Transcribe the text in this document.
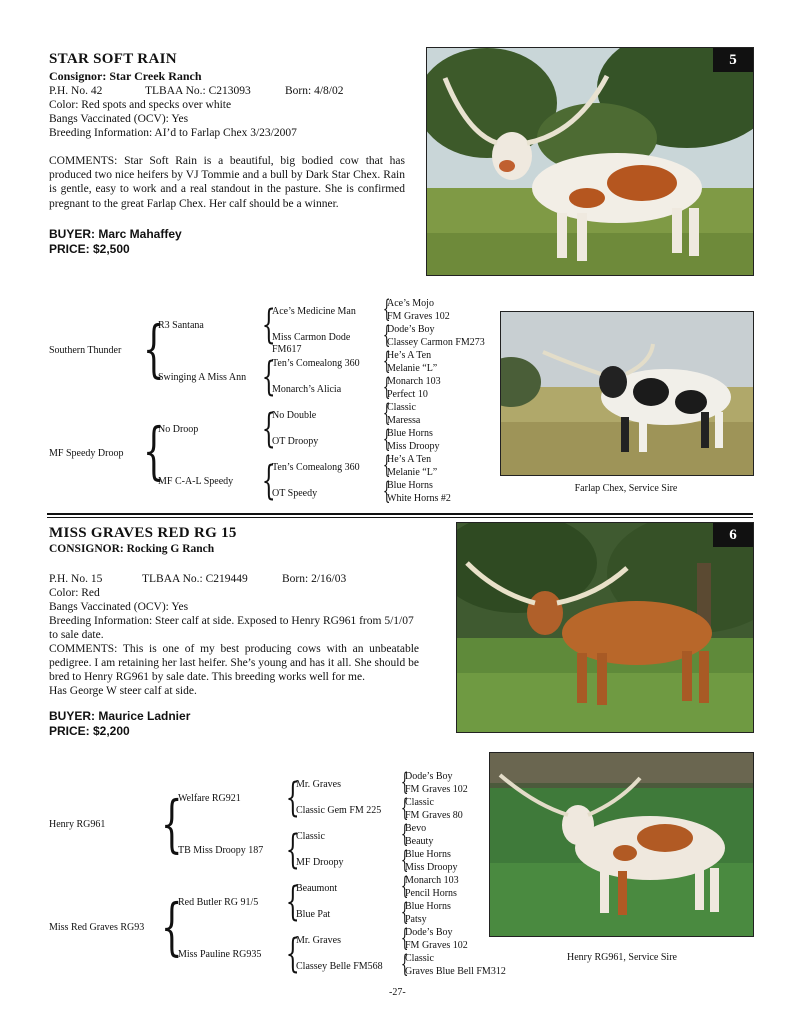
STAR SOFT RAIN
Consignor: Star Creek Ranch
P.H. No. 42	TLBAA No.: C213093	Born: 4/8/02
Color: Red spots and specks over white
Bangs Vaccinated (OCV): Yes
Breeding Information: AI’d to Farlap Chex 3/23/2007
COMMENTS: Star Soft Rain is a beautiful, big bodied cow that has produced two nice heifers by VJ Tommie and a bull by Dark Star Chex. Rain is gentle, easy to work and a real standout in the pasture. She is confirmed pregnant to the great Farlap Chex. Her calf should be a winner.
BUYER: Marc Mahaffey
PRICE: $2,500
5
Southern Thunder
MF Speedy Droop
{
{
R3 Santana
Swinging A Miss Ann
No Droop
MF C-A-L Speedy
{
{
{
{
Ace’s Medicine Man
Miss Carmon Dode
FM617
Ten’s Comealong 360
Monarch’s Alicia
No Double
OT Droopy
Ten’s Comealong 360
OT Speedy
{
Ace’s Mojo
FM Graves 102
{
Dode’s Boy
Classey Carmon FM273
{
He’s A Ten
Melanie “L”
{
Monarch 103
Perfect 10
{
Classic
Maressa
{
Blue Horns
Miss Droopy
{
He’s A Ten
Melanie “L”
{
Blue Horns
White Horns #2
Farlap Chex, Service Sire
MISS GRAVES RED RG 15
CONSIGNOR: Rocking G Ranch
P.H. No. 15	TLBAA No.: C219449	Born: 2/16/03
Color: Red
Bangs Vaccinated (OCV): Yes
Breeding Information: Steer calf at side. Exposed to Henry RG961 from 5/1/07
to sale date.
COMMENTS: This is one of my best producing cows with an unbeatable pedigree. I am retaining her last heifer. She’s young and has it all. She should be bred to Henry RG961 by sale date. This breeding works well for me.
Has George W steer calf at side.
BUYER: Maurice Ladnier
PRICE: $2,200
6
Henry RG961
Miss Red Graves RG93
{
{
Welfare RG921
TB Miss Droopy 187
Red Butler RG 91/5
Miss Pauline RG935
{
{
{
{
Mr. Graves
Classic Gem FM 225
Classic
MF Droopy
Beaumont
Blue Pat
Mr. Graves
Classey Belle FM568
{
Dode’s Boy
FM Graves 102
{
Classic
FM Graves 80
{
Bevo
Beauty
{
Blue Horns
Miss Droopy
{
Monarch 103
Pencil Horns
{
Blue Horns
Patsy
{
Dode’s Boy
FM Graves 102
{
Classic
Graves Blue Bell FM312
Henry RG961, Service Sire
-27-
